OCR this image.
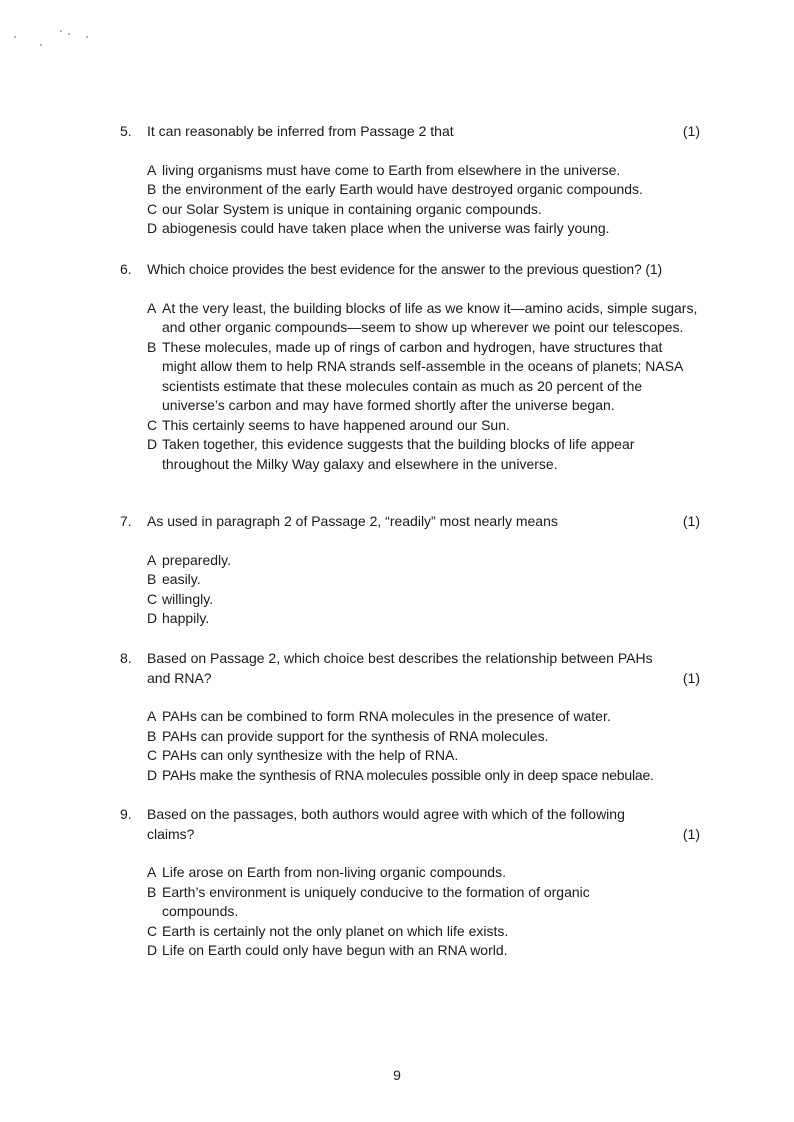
5.	It can reasonably be inferred from Passage 2 that	(1)
A living organisms must have come to Earth from elsewhere in the universe.
B the environment of the early Earth would have destroyed organic compounds.
C our Solar System is unique in containing organic compounds.
D abiogenesis could have taken place when the universe was fairly young.
6.	Which choice provides the best evidence for the answer to the previous question? (1)
A At the very least, the building blocks of life as we know it—amino acids, simple sugars, and other organic compounds—seem to show up wherever we point our telescopes.
B These molecules, made up of rings of carbon and hydrogen, have structures that might allow them to help RNA strands self-assemble in the oceans of planets; NASA scientists estimate that these molecules contain as much as 20 percent of the universe’s carbon and may have formed shortly after the universe began.
C This certainly seems to have happened around our Sun.
D Taken together, this evidence suggests that the building blocks of life appear throughout the Milky Way galaxy and elsewhere in the universe.
7.	As used in paragraph 2 of Passage 2, “readily” most nearly means	(1)
A preparedly.
B easily.
C willingly.
D happily.
8.	Based on Passage 2, which choice best describes the relationship between PAHs and RNA?	(1)
A PAHs can be combined to form RNA molecules in the presence of water.
B PAHs can provide support for the synthesis of RNA molecules.
C PAHs can only synthesize with the help of RNA.
D PAHs make the synthesis of RNA molecules possible only in deep space nebulae.
9.	Based on the passages, both authors would agree with which of the following claims?	(1)
A Life arose on Earth from non-living organic compounds.
B Earth’s environment is uniquely conducive to the formation of organic compounds.
C Earth is certainly not the only planet on which life exists.
D Life on Earth could only have begun with an RNA world.
9
